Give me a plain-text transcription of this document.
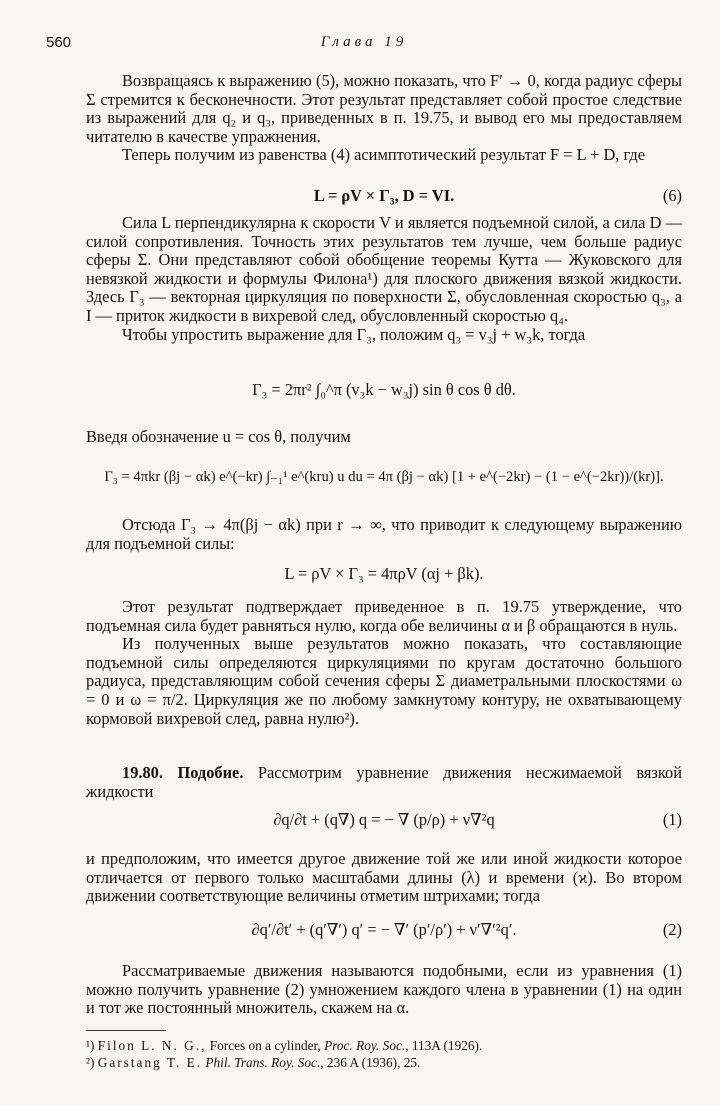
560	Глава 19

Возвращаясь к выражению (5), можно показать, что F′ → 0, когда радиус сферы Σ стремится к бесконечности. Этот результат представляет собой простое следствие из выражений для q₂ и q₃, приведенных в п. 19.75, и вывод его мы предоставляем читателю в качестве упражнения.

Теперь получим из равенства (4) асимптотический результат F = L + D, где

L = ρV × Γ₃, D = VI.	(6)

Сила L перпендикулярна к скорости V и является подъемной силой, а сила D — силой сопротивления. Точность этих результатов тем лучше, чем больше радиус сферы Σ. Они представляют собой обобщение теоремы Кутта — Жуковского для невязкой жидкости и формулы Филона¹) для плоского движения вязкой жидкости. Здесь Γ₃ — векторная циркуляция по поверхности Σ, обусловленная скоростью q₃, а I — приток жидкости в вихревой след, обусловленный скоростью q₄.

Чтобы упростить выражение для Γ₃, положим q₃ = v₃j + w₃k, тогда

Γ₃ = 2πr² ∫₀^π (v₃k − w₃j) sin θ cos θ dθ.

Введя обозначение u = cos θ, получим

Γ₃ = 4πkr (βj − αk) e^(−kr) ∫₋₁¹ e^(kru) u du = 4π (βj − αk) [1 + e^(−2kr) − (1 − e^(−2kr))/(kr)].

Отсюда Γ₃ → 4π(βj − αk) при r → ∞, что приводит к следующему выражению для подъемной силы:

L = ρV × Γ₃ = 4πρV (αj + βk).

Этот результат подтверждает приведенное в п. 19.75 утверждение, что подъемная сила будет равняться нулю, когда обе величины α и β обращаются в нуль.

Из полученных выше результатов можно показать, что составляющие подъемной силы определяются циркуляциями по кругам достаточно большого радиуса, представляющим собой сечения сферы Σ диаметральными плоскостями ω = 0 и ω = π/2. Циркуляция же по любому замкнутому контуру, не охватывающему кормовой вихревой след, равна нулю²).

19.80. Подобие. Рассмотрим уравнение движения несжимаемой вязкой жидкости

∂q/∂t + (q∇) q = − ∇ (p/ρ) + ν∇²q	(1)

и предположим, что имеется другое движение той же или иной жидкости которое отличается от первого только масштабами длины (λ) и времени (ϰ). Во втором движении соответствующие величины отметим штрихами; тогда

∂q′/∂t′ + (q′∇′) q′ = − ∇′ (p′/ρ′) + ν′∇′²q′.	(2)

Рассматриваемые движения называются подобными, если из уравнения (1) можно получить уравнение (2) умножением каждого члена в уравнении (1) на один и тот же постоянный множитель, скажем на α.

¹) Filon L. N. G., Forces on a cylinder, Proc. Roy. Soc., 113A (1926).
²) Garstang T. E. Phil. Trans. Roy. Soc., 236 A (1936), 25.
